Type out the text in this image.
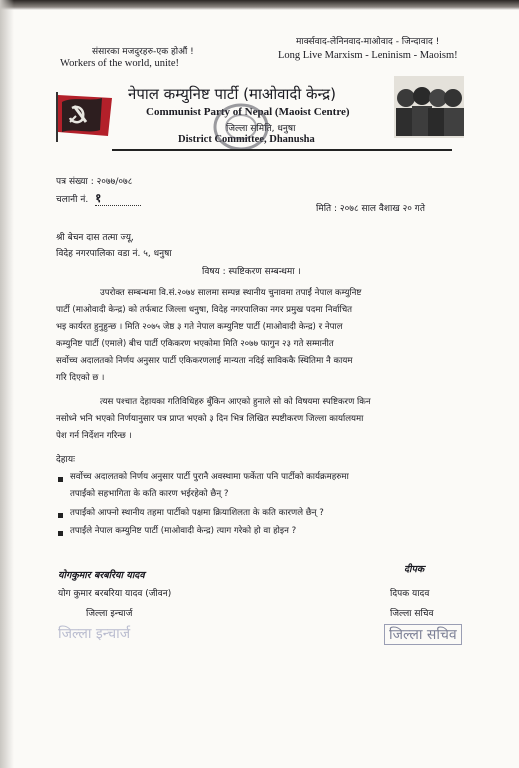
संसारका मजदुरहरु-एक होऔं !
Workers of the world, unite!
मार्क्सवाद-लेनिनवाद-माओवाद - जिन्दावाद !
Long Live Marxism - Leninism - Maoism!
नेपाल कम्युनिष्ट पार्टी (माओवादी केन्द्र)
Communist Party of Nepal (Maoist Centre)
जिल्ला समिति, धनुषा
District Committee, Dhanusha
पत्र संख्या : २०७७/०७८
चलानी नं. १
मिति : २०७८ साल वैशाख २० गते
श्री बेचन दास तत्मा ज्यू,
विदेह नगरपालिका वडा नं. ५, धनुषा
विषय : स्पष्टिकरण सम्बन्धमा ।
उपरोक्त सम्बन्धमा वि.सं.२०७४ सालमा सम्पन्न स्थानीय चुनावमा तपाईं नेपाल कम्युनिष्ट
पार्टी (माओवादी केन्द्र) को तर्फबाट जिल्ला धनुषा, विदेह नगरपालिका नगर प्रमुख पदमा निर्वाचित
भइ कार्यरत हुनुहुन्छ । मिति २०७५ जेष्ठ ३ गते नेपाल कम्युनिष्ट पार्टी (माओवादी केन्द्र) र नेपाल
कम्युनिष्ट पार्टी (एमाले) बीच पार्टी एकिकरण भएकोमा मिति २०७७ फागुन २३ गते सम्मानीत
सर्वोच्च अदालतको निर्णय अनुसार पार्टी एकिकरणलाई मान्यता नदिई साविककै स्थितिमा नै कायम
गरि दिएको छ ।
त्यस पश्चात देहायका गतिविधिहरु बुँकिन आएको हुनाले सो को विषयमा स्पष्टिकरण किन
नसोध्ने भनि भएको निर्णयानुसार पत्र प्राप्त भएको ३ दिन भित्र लिखित स्पष्टीकरण जिल्ला कार्यालयमा
पेश गर्न निर्देशन गरिन्छ ।
देहायः
सर्वोच्च अदालतको निर्णय अनुसार पार्टी पुरानै अवस्थामा फर्केता पनि पार्टीको कार्यक्रमहरुमा
तपाईंको सहभागिता के कति कारण भईरहेको छैन् ?
तपाईंको आफ्नो स्थानीय तहमा पार्टीको पक्षमा क्रियाशिलता के कति कारणले छैन् ?
तपाईंले नेपाल कम्युनिष्ट पार्टी (माओवादी केन्द्र) त्याग गरेको हो वा होइन ?
योगकुमार बरबरिया यादव
योग कुमार बरबरिया यादव (जीवन)
जिल्ला इन्चार्ज
जिल्ला इन्चार्ज
दीपक
दिपक यादव
जिल्ला सचिव
जिल्ला सचिव
